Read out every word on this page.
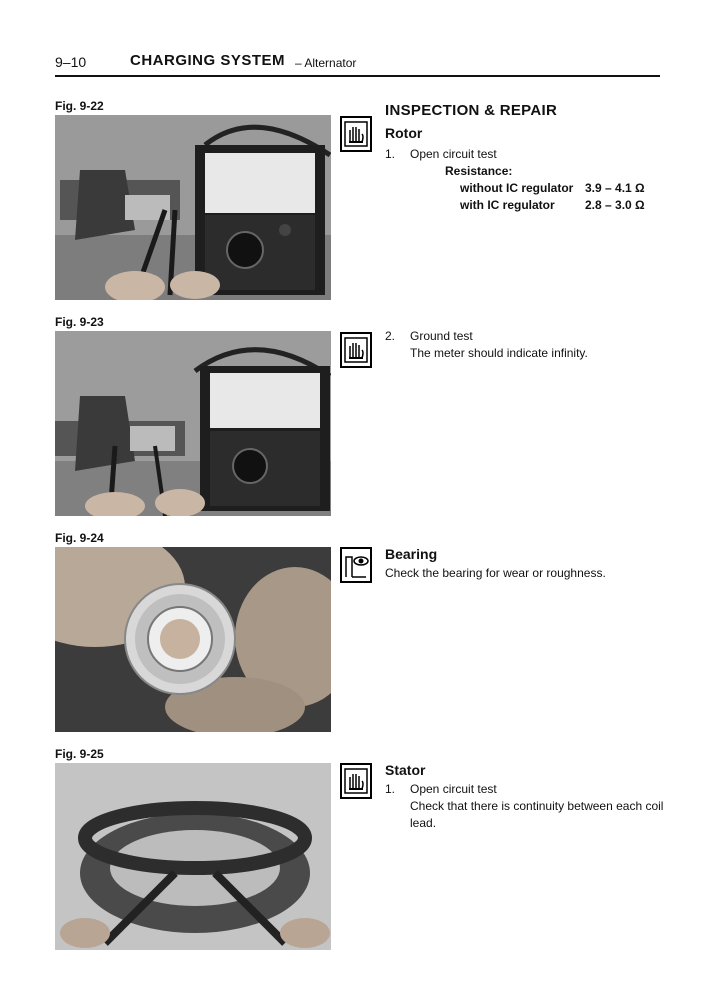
9–10	CHARGING SYSTEM – Alternator
Fig. 9-22
Fig. 9-23
Fig. 9-24
Fig. 9-25
INSPECTION & REPAIR
Rotor
1. Open circuit test
Resistance:
without IC regulator 3.9 – 4.1 Ω
with IC regulator	2.8 – 3.0 Ω
2. Ground test
The meter should indicate infinity.
Bearing
Check the bearing for wear or roughness.
Stator
1. Open circuit test
Check that there is continuity between each coil lead.
